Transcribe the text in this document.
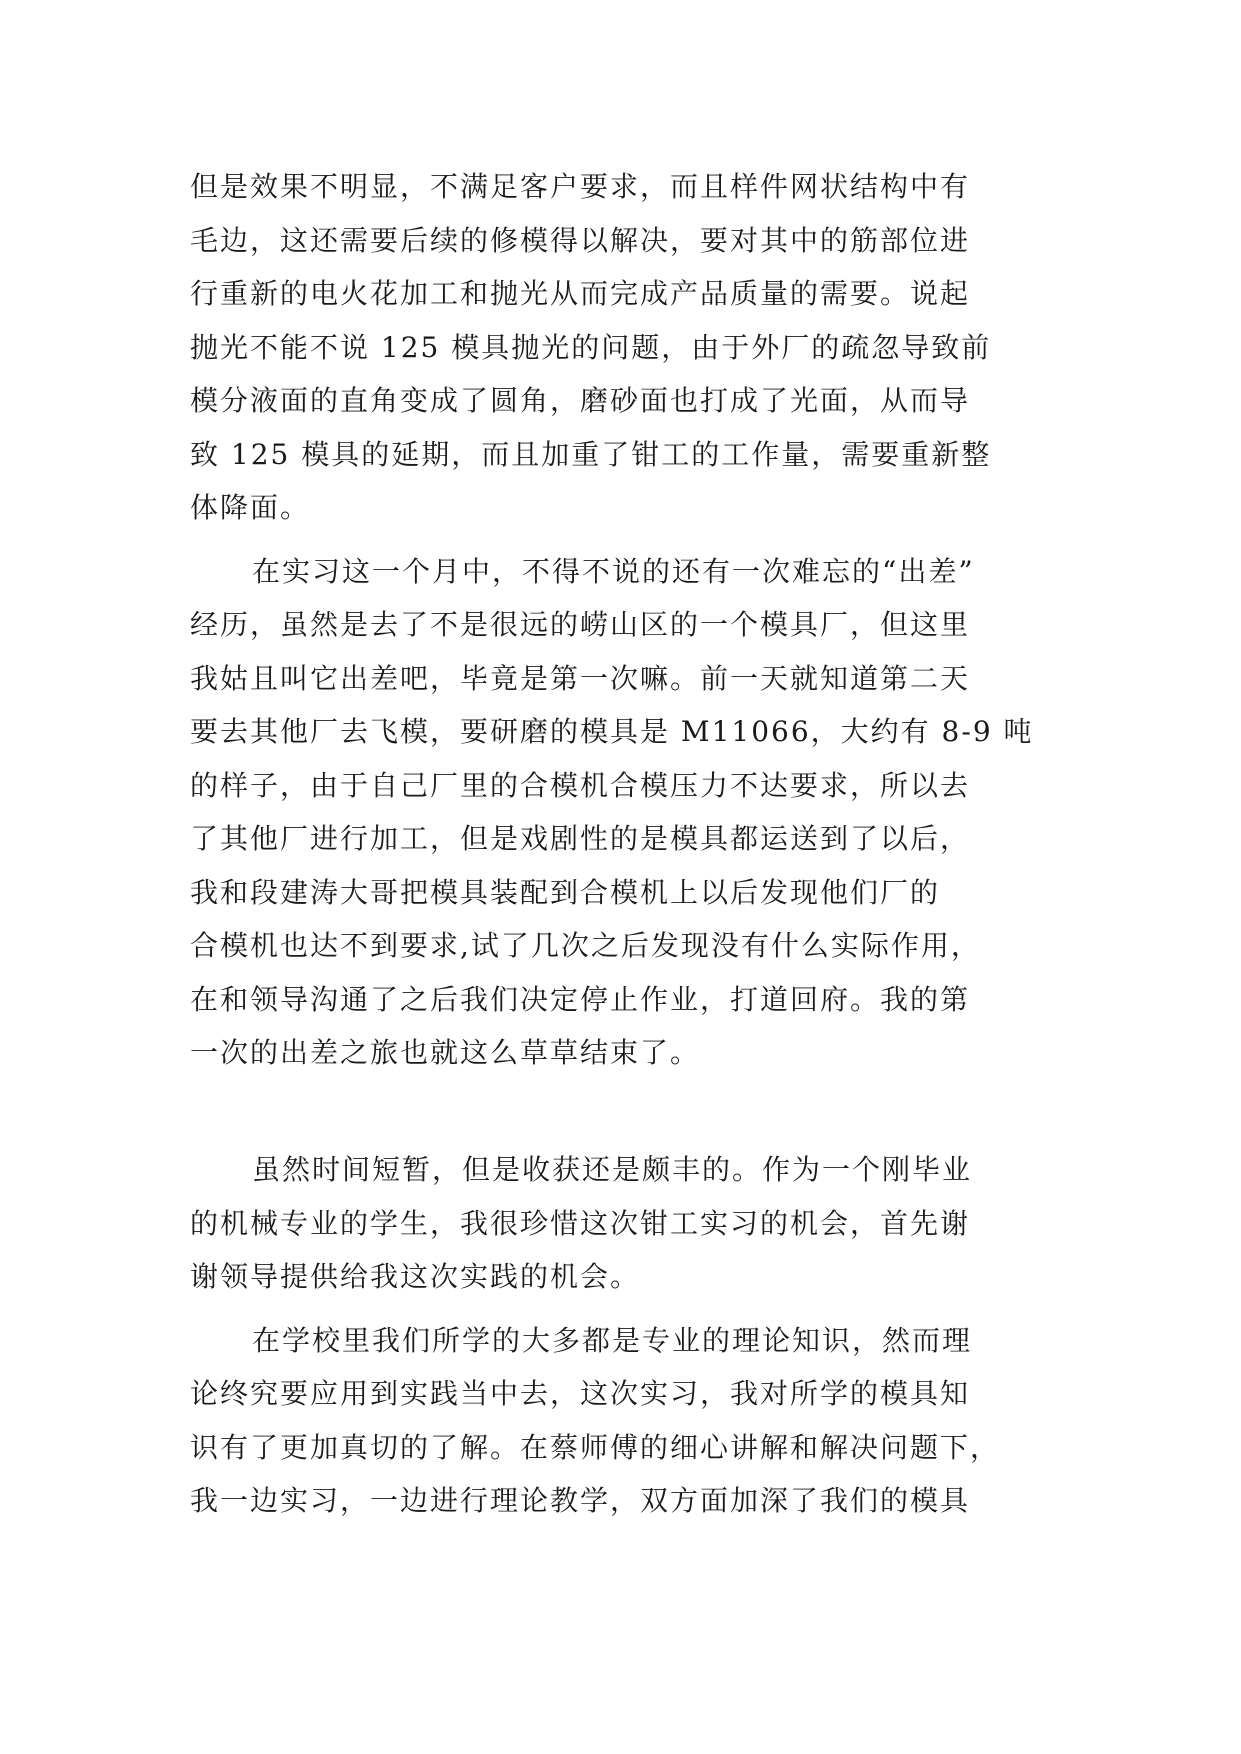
但是效果不明显，不满足客户要求，而且样件网状结构中有
毛边，这还需要后续的修模得以解决，要对其中的筋部位进
行重新的电火花加工和抛光从而完成产品质量的需要。说起
抛光不能不说 125 模具抛光的问题，由于外厂的疏忽导致前
模分液面的直角变成了圆角，磨砂面也打成了光面，从而导
致 125 模具的延期，而且加重了钳工的工作量，需要重新整
体降面。
在实习这一个月中，不得不说的还有一次难忘的“出差”
经历，虽然是去了不是很远的崂山区的一个模具厂，但这里
我姑且叫它出差吧，毕竟是第一次嘛。前一天就知道第二天
要去其他厂去飞模，要研磨的模具是 M11066，大约有 8-9 吨
的样子，由于自己厂里的合模机合模压力不达要求，所以去
了其他厂进行加工，但是戏剧性的是模具都运送到了以后，
我和段建涛大哥把模具装配到合模机上以后发现他们厂的
合模机也达不到要求,试了几次之后发现没有什么实际作用，
在和领导沟通了之后我们决定停止作业，打道回府。我的第
一次的出差之旅也就这么草草结束了。
虽然时间短暂，但是收获还是颇丰的。作为一个刚毕业
的机械专业的学生，我很珍惜这次钳工实习的机会，首先谢
谢领导提供给我这次实践的机会。
在学校里我们所学的大多都是专业的理论知识，然而理
论终究要应用到实践当中去，这次实习，我对所学的模具知
识有了更加真切的了解。在蔡师傅的细心讲解和解决问题下，
我一边实习，一边进行理论教学，双方面加深了我们的模具
